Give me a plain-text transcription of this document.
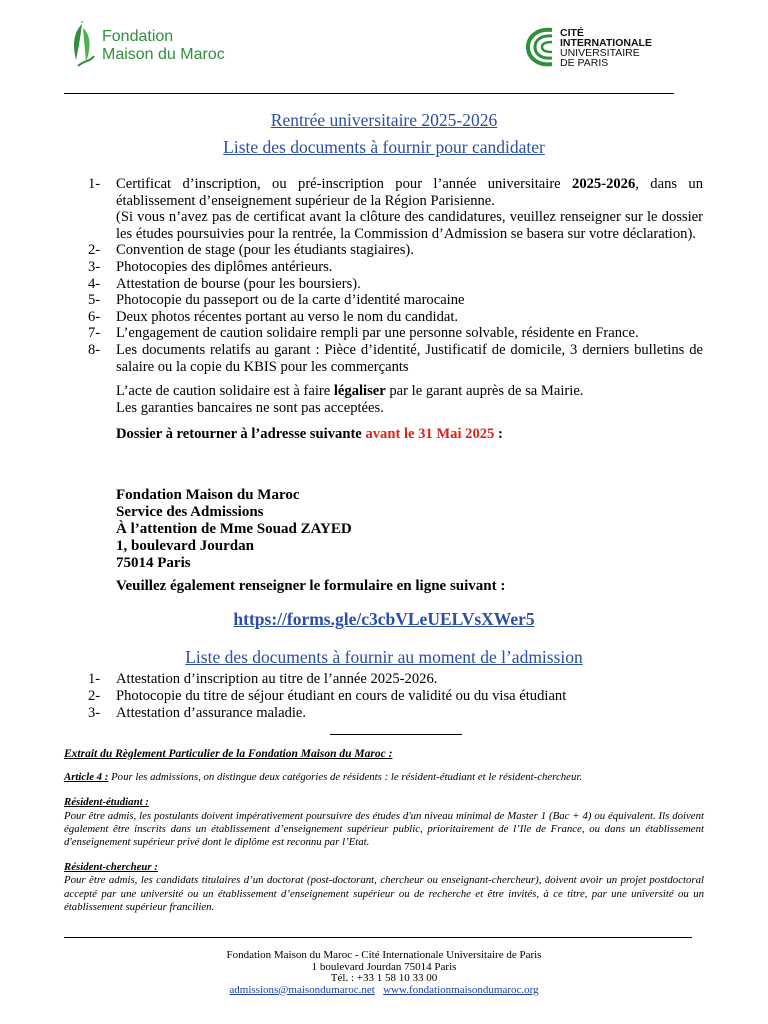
Fondation
Maison du Maroc
CITÉ
INTERNATIONALE
UNIVERSITAIRE
DE PARIS
Rentrée universitaire 2025-2026
Liste des documents à fournir pour candidater
1-	Certificat d’inscription, ou pré-inscription pour l’année universitaire 2025-2026, dans un établissement d’enseignement supérieur de la Région Parisienne.
(Si vous n’avez pas de certificat avant la clôture des candidatures, veuillez renseigner sur le dossier les études poursuivies pour la rentrée, la Commission d’Admission se basera sur votre déclaration).
2-	Convention de stage (pour les étudiants stagiaires).
3-	Photocopies des diplômes antérieurs.
4-	Attestation de bourse (pour les boursiers).
5-	Photocopie du passeport ou de la carte d’identité marocaine
6-	Deux photos récentes portant au verso le nom du candidat.
7-	L’engagement de caution solidaire rempli par une personne solvable, résidente en France.
8-	Les documents relatifs au garant : Pièce d’identité, Justificatif de domicile, 3 derniers bulletins de salaire ou la copie du KBIS pour les commerçants
L’acte de caution solidaire est à faire légaliser par le garant auprès de sa Mairie.
Les garanties bancaires ne sont pas acceptées.
Dossier à retourner à l’adresse suivante avant le 31 Mai 2025 :
Fondation Maison du Maroc
Service des Admissions
À l’attention de Mme Souad ZAYED
1, boulevard Jourdan
75014 Paris
Veuillez également renseigner le formulaire en ligne suivant :
https://forms.gle/c3cbVLeUELVsXWer5
Liste des documents à fournir au moment de l’admission
1-	Attestation d’inscription au titre de l’année 2025-2026.
2-	Photocopie du titre de séjour étudiant en cours de validité ou du visa étudiant
3-	Attestation d’assurance maladie.
Extrait du Règlement Particulier de la Fondation Maison du Maroc :
Article 4 : Pour les admissions, on distingue deux catégories de résidents : le résident-étudiant et le résident-chercheur.
Résident-étudiant :
Pour être admis, les postulants doivent impérativement poursuivre des études d'un niveau minimal de Master 1 (Bac + 4) ou équivalent. Ils doivent également être inscrits dans un établissement d’enseignement supérieur public, prioritairement de l’Ile de France, ou dans un établissement d'enseignement supérieur privé dont le diplôme est reconnu par l’Etat.
Résident-chercheur :
Pour être admis, les candidats titulaires d’un doctorat (post-doctorant, chercheur ou enseignant-chercheur), doivent avoir un projet postdoctoral accepté par une université ou un établissement d’enseignement supérieur ou de recherche et être invités, à ce titre, par une université ou un établissement supérieur francilien.
Fondation Maison du Maroc - Cité Internationale Universitaire de Paris
1 boulevard Jourdan 75014 Paris
Tél. : +33 1 58 10 33 00
admissions@maisondumaroc.net www.fondationmaisondumaroc.org
